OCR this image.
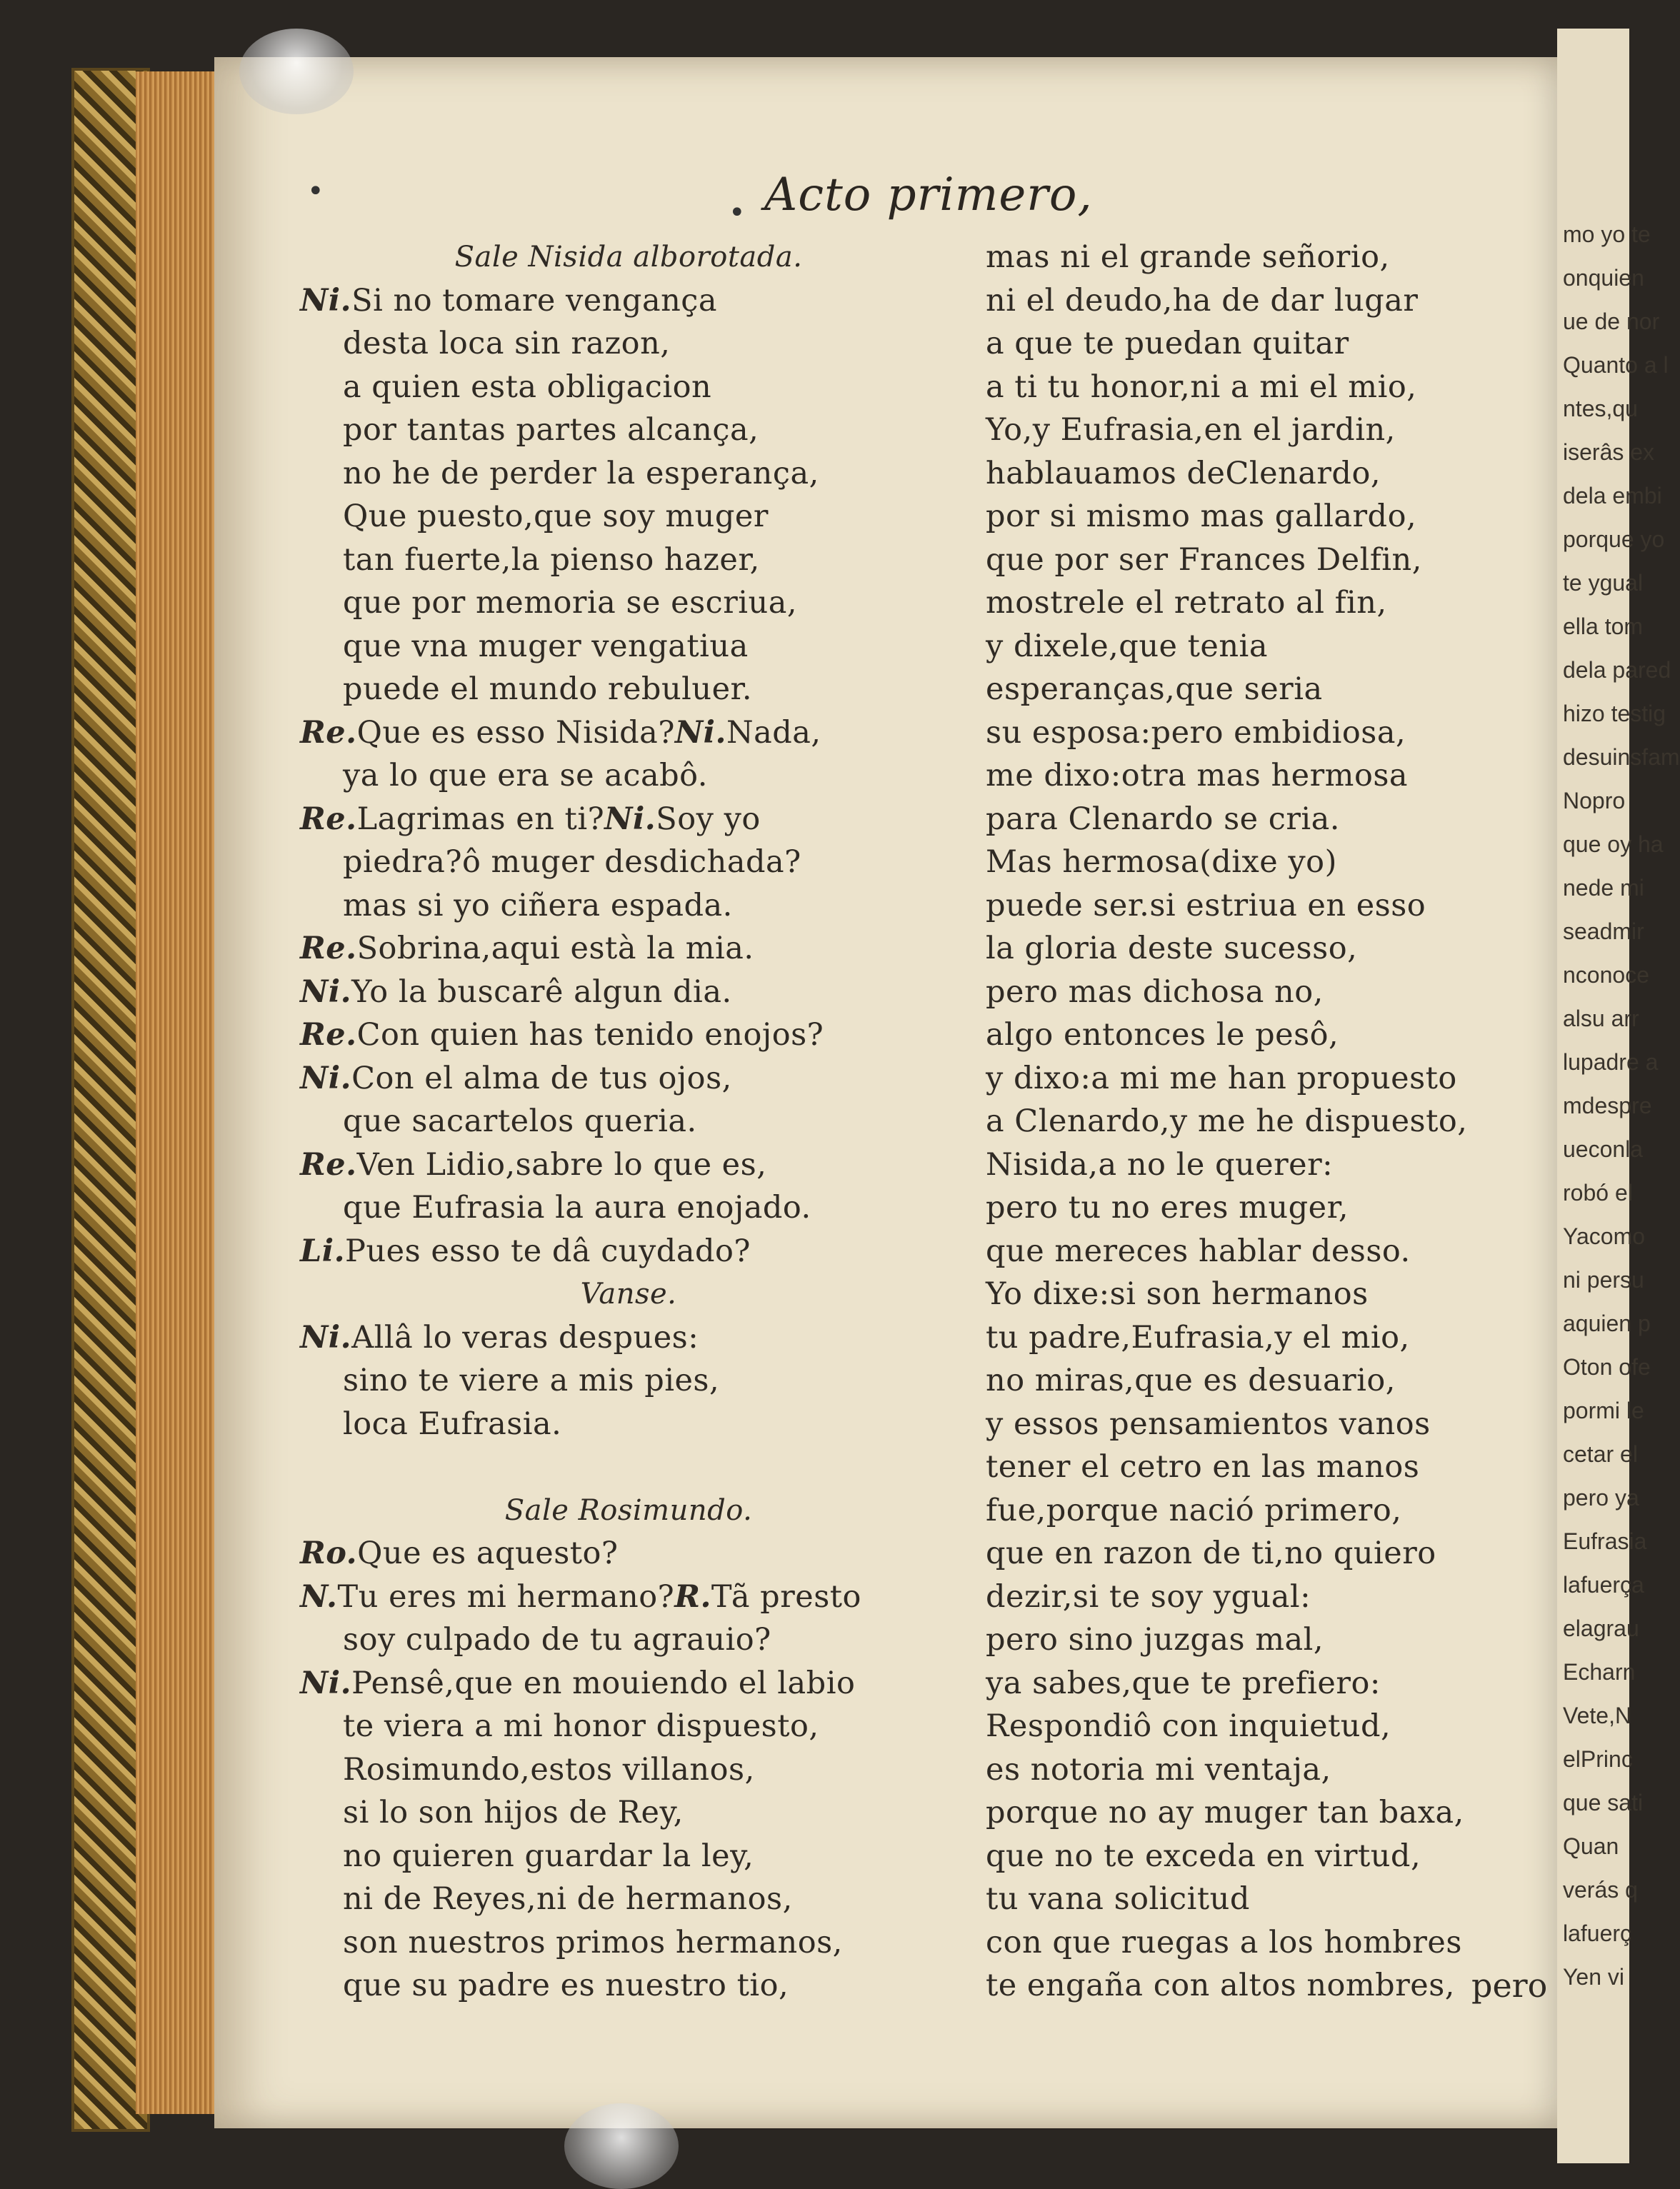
mo yo te
onquien
ue de nor
Quanto a l
ntes,qu
iserâs ex
dela embi
porque yo
te ygual
ella tom
dela pared
hizo testig
desuinsfam
Nopro
que oy ha
nede mi
seadmir
nconoce
alsu arr
lupadre a
mdespre
ueconla
robó el
Yacomo
ni persu
aquien p
Oton ofe
pormi le
cetar el
pero ya
Eufrasia
lafuerça
elagrau
Echarn
Vete,N
elPrinc
que sati
Quan
verás q
lafuerç
Yen vi
Acto primero,
•
•
Sale Nisida alborotada.
Ni.Si no tomare vengança
desta loca sin razon,
a quien esta obligacion
por tantas partes alcança,
no he de perder la esperança,
Que puesto,que soy muger
tan fuerte,la pienso hazer,
que por memoria se escriua,
que vna muger vengatiua
puede el mundo rebuluer.
Re.Que es esso Nisida?Ni.Nada,
ya lo que era se acabô.
Re.Lagrimas en ti?Ni.Soy yo
piedra?ô muger desdichada?
mas si yo ciñera espada.
Re.Sobrina,aqui està la mia.
Ni.Yo la buscarê algun dia.
Re.Con quien has tenido enojos?
Ni.Con el alma de tus ojos,
que sacartelos queria.
Re.Ven Lidio,sabre lo que es,
que Eufrasia la aura enojado.
Li.Pues esso te dâ cuydado?
Vanse.
Ni.Allâ lo veras despues:
sino te viere a mis pies,
loca Eufrasia.
Sale Rosimundo.
Ro.Que es aquesto?
N.Tu eres mi hermano?R.Tã presto
soy culpado de tu agrauio?
Ni.Pensê,que en mouiendo el labio
te viera a mi honor dispuesto,
Rosimundo,estos villanos,
si lo son hijos de Rey,
no quieren guardar la ley,
ni de Reyes,ni de hermanos,
son nuestros primos hermanos,
que su padre es nuestro tio,
mas ni el grande señorio,
ni el deudo,ha de dar lugar
a que te puedan quitar
a ti tu honor,ni a mi el mio,
Yo,y Eufrasia,en el jardin,
hablauamos deClenardo,
por si mismo mas gallardo,
que por ser Frances Delfin,
mostrele el retrato al fin,
y dixele,que tenia
esperanças,que seria
su esposa:pero embidiosa,
me dixo:otra mas hermosa
para Clenardo se cria.
Mas hermosa(dixe yo)
puede ser.si estriua en esso
la gloria deste sucesso,
pero mas dichosa no,
algo entonces le pesô,
y dixo:a mi me han propuesto
a Clenardo,y me he dispuesto,
Nisida,a no le querer:
pero tu no eres muger,
que mereces hablar desso.
Yo dixe:si son hermanos
tu padre,Eufrasia,y el mio,
no miras,que es desuario,
y essos pensamientos vanos
tener el cetro en las manos
fue,porque nació primero,
que en razon de ti,no quiero
dezir,si te soy ygual:
pero sino juzgas mal,
ya sabes,que te prefiero:
Respondiô con inquietud,
es notoria mi ventaja,
porque no ay muger tan baxa,
que no te exceda en virtud,
tu vana solicitud
con que ruegas a los hombres
te engaña con altos nombres, pero
